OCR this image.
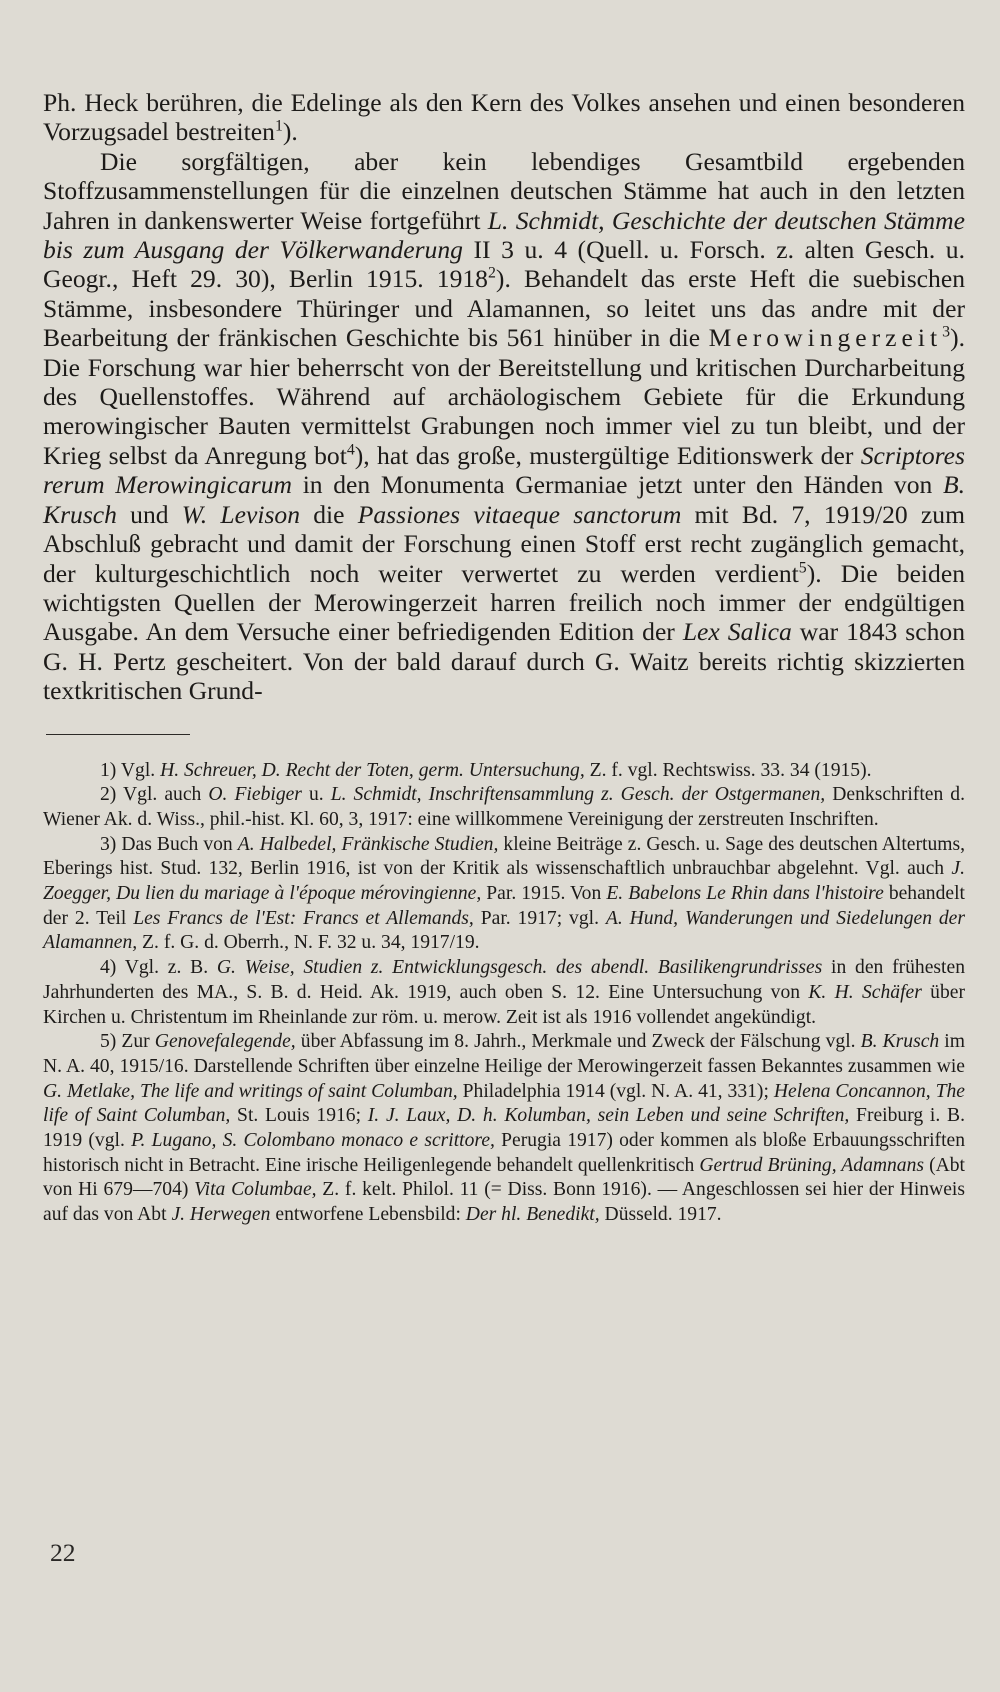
Ph. Heck berühren, die Edelinge als den Kern des Volkes ansehen und einen besonderen Vorzugsadel bestreiten$^1$).

Die sorgfältigen, aber kein lebendiges Gesamtbild ergebenden Stoffzusammenstellungen für die einzelnen deutschen Stämme hat auch in den letzten Jahren in dankenswerter Weise fortgeführt L. Schmidt, Geschichte der deutschen Stämme bis zum Ausgang der Völkerwanderung II 3 u. 4 (Quell. u. Forsch. z. alten Gesch. u. Geogr., Heft 29. 30), Berlin 1915. 1918$^2$). Behandelt das erste Heft die suebischen Stämme, insbesondere Thüringer und Alamannen, so leitet uns das andre mit der Bearbeitung der fränkischen Geschichte bis 561 hinüber in die Merowingerzeit$^3$). Die Forschung war hier beherrscht von der Bereitstellung und kritischen Durcharbeitung des Quellenstoffes. Während auf archäologischem Gebiete für die Erkundung merowingischer Bauten vermittelst Grabungen noch immer viel zu tun bleibt, und der Krieg selbst da Anregung bot$^4$), hat das große, mustergültige Editionswerk der Scriptores rerum Merowingicarum in den Monumenta Germaniae jetzt unter den Händen von B. Krusch und W. Levison die Passiones vitaeque sanctorum mit Bd. 7, 1919/20 zum Abschluß gebracht und damit der Forschung einen Stoff erst recht zugänglich gemacht, der kulturgeschichtlich noch weiter verwertet zu werden verdient$^5$). Die beiden wichtigsten Quellen der Merowingerzeit harren freilich noch immer der endgültigen Ausgabe. An dem Versuche einer befriedigenden Edition der Lex Salica war 1843 schon G. H. Pertz gescheitert. Von der bald darauf durch G. Waitz bereits richtig skizzierten textkritischen Grund-

1) Vgl. H. Schreuer, D. Recht der Toten, germ. Untersuchung, Z. f. vgl. Rechtswiss. 33. 34 (1915).

2) Vgl. auch O. Fiebiger u. L. Schmidt, Inschriftensammlung z. Gesch. der Ostgermanen, Denkschriften d. Wiener Ak. d. Wiss., phil.-hist. Kl. 60, 3, 1917: eine willkommene Vereinigung der zerstreuten Inschriften.

3) Das Buch von A. Halbedel, Fränkische Studien, kleine Beiträge z. Gesch. u. Sage des deutschen Altertums, Eberings hist. Stud. 132, Berlin 1916, ist von der Kritik als wissenschaftlich unbrauchbar abgelehnt. Vgl. auch J. Zoegger, Du lien du mariage à l'époque mérovingienne, Par. 1915. Von E. Babelons Le Rhin dans l'histoire behandelt der 2. Teil Les Francs de l'Est: Francs et Allemands, Par. 1917; vgl. A. Hund, Wanderungen und Siedelungen der Alamannen, Z. f. G. d. Oberrh., N. F. 32 u. 34, 1917/19.

4) Vgl. z. B. G. Weise, Studien z. Entwicklungsgesch. des abendl. Basilikengrundrisses in den frühesten Jahrhunderten des MA., S. B. d. Heid. Ak. 1919, auch oben S. 12. Eine Untersuchung von K. H. Schäfer über Kirchen u. Christentum im Rheinlande zur röm. u. merow. Zeit ist als 1916 vollendet angekündigt.

5) Zur Genovefalegende, über Abfassung im 8. Jahrh., Merkmale und Zweck der Fälschung vgl. B. Krusch im N. A. 40, 1915/16. Darstellende Schriften über einzelne Heilige der Merowingerzeit fassen Bekanntes zusammen wie G. Metlake, The life and writings of saint Columban, Philadelphia 1914 (vgl. N. A. 41, 331); Helena Concannon, The life of Saint Columban, St. Louis 1916; I. J. Laux, D. h. Kolumban, sein Leben und seine Schriften, Freiburg i. B. 1919 (vgl. P. Lugano, S. Colombano monaco e scrittore, Perugia 1917) oder kommen als bloße Erbauungsschriften historisch nicht in Betracht. Eine irische Heiligenlegende behandelt quellenkritisch Gertrud Brüning, Adamnans (Abt von Hi 679—704) Vita Columbae, Z. f. kelt. Philol. 11 (= Diss. Bonn 1916). — Angeschlossen sei hier der Hinweis auf das von Abt J. Herwegen entworfene Lebensbild: Der hl. Benedikt, Düsseld. 1917.

22
